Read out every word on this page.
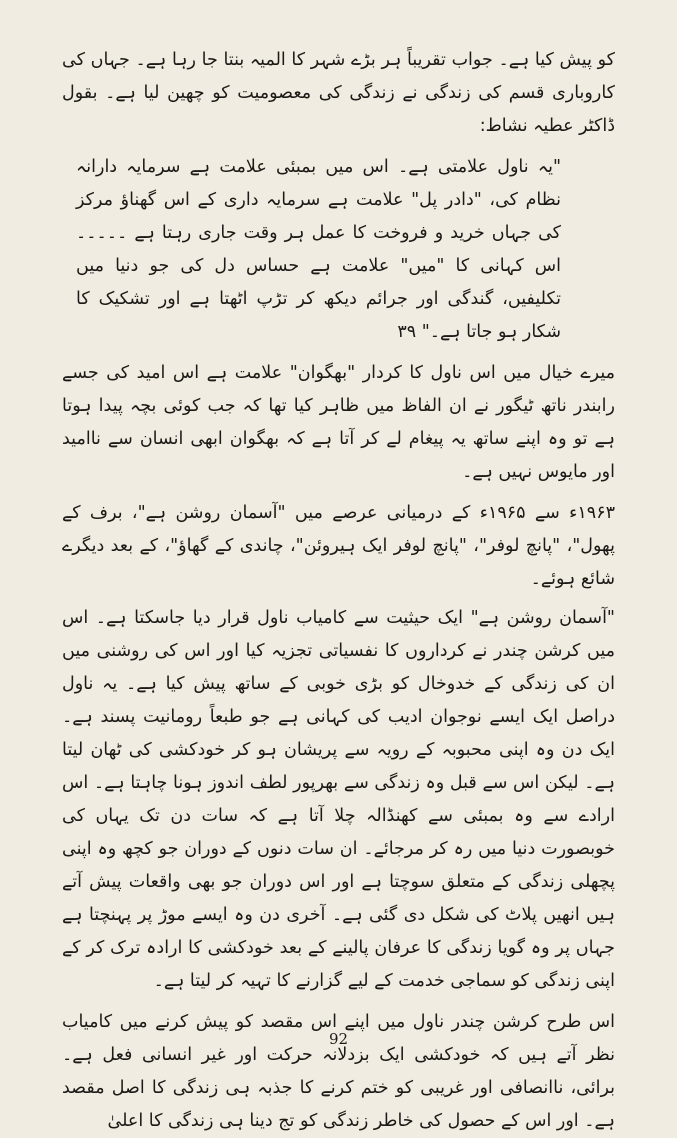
کو پیش کیا ہے۔ جواب تقریباً ہر بڑے شہر کا المیہ بنتا جا رہا ہے۔ جہاں کی کاروباری قسم کی زندگی نے زندگی کی معصومیت کو چھین لیا ہے۔ بقول ڈاکٹر عطیہ نشاط:

"یہ ناول علامتی ہے۔ اس میں بمبئی علامت ہے سرمایہ دارانہ نظام کی، "دادر پل" علامت ہے سرمایہ داری کے اس گھناؤ مرکز کی جہاں خرید و فروخت کا عمل ہر وقت جاری رہتا ہے ۔۔۔۔۔ اس کہانی کا "میں" علامت ہے حساس دل کی جو دنیا میں تکلیفیں، گندگی اور جرائم دیکھ کر تڑپ اٹھتا ہے اور تشکیک کا شکار ہو جاتا ہے۔" ۳۹

میرے خیال میں اس ناول کا کردار "بھگوان" علامت ہے اس امید کی جسے رابندر ناتھ ٹیگور نے ان الفاظ میں ظاہر کیا تھا کہ جب کوئی بچہ پیدا ہوتا ہے تو وہ اپنے ساتھ یہ پیغام لے کر آتا ہے کہ بھگوان ابھی انسان سے ناامید اور مایوس نہیں ہے۔

۱۹۶۳ء سے ۱۹۶۵ء کے درمیانی عرصے میں "آسمان روشن ہے"، برف کے پھول"، "پانچ لوفر"، "پانچ لوفر ایک ہیروئن"، چاندی کے گھاؤ"، کے بعد دیگرے شائع ہوئے۔

"آسمان روشن ہے" ایک حیثیت سے کامیاب ناول قرار دیا جاسکتا ہے۔ اس میں کرشن چندر نے کرداروں کا نفسیاتی تجزیہ کیا اور اس کی روشنی میں ان کی زندگی کے خدوخال کو بڑی خوبی کے ساتھ پیش کیا ہے۔ یہ ناول دراصل ایک ایسے نوجوان ادیب کی کہانی ہے جو طبعاً رومانیت پسند ہے۔ ایک دن وہ اپنی محبوبہ کے رویہ سے پریشان ہو کر خودکشی کی ٹھان لیتا ہے۔ لیکن اس سے قبل وہ زندگی سے بھرپور لطف اندوز ہونا چاہتا ہے۔ اس ارادے سے وہ بمبئی سے کھنڈالہ چلا آتا ہے کہ سات دن تک یہاں کی خوبصورت دنیا میں رہ کر مرجائے۔ ان سات دنوں کے دوران جو کچھ وہ اپنی پچھلی زندگی کے متعلق سوچتا ہے اور اس دوران جو بھی واقعات پیش آتے ہیں انھیں پلاٹ کی شکل دی گئی ہے۔ آخری دن وہ ایسے موڑ پر پہنچتا ہے جہاں پر وہ گویا زندگی کا عرفان پالینے کے بعد خودکشی کا ارادہ ترک کر کے اپنی زندگی کو سماجی خدمت کے لیے گزارنے کا تہیہ کر لیتا ہے۔

اس طرح کرشن چندر ناول میں اپنے اس مقصد کو پیش کرنے میں کامیاب نظر آتے ہیں کہ خودکشی ایک بزدلانہ حرکت اور غیر انسانی فعل ہے۔ برائی، ناانصافی اور غریبی کو ختم کرنے کا جذبہ ہی زندگی کا اصل مقصد ہے۔ اور اس کے حصول کی خاطر زندگی کو تج دینا ہی زندگی کا اعلیٰ

92
